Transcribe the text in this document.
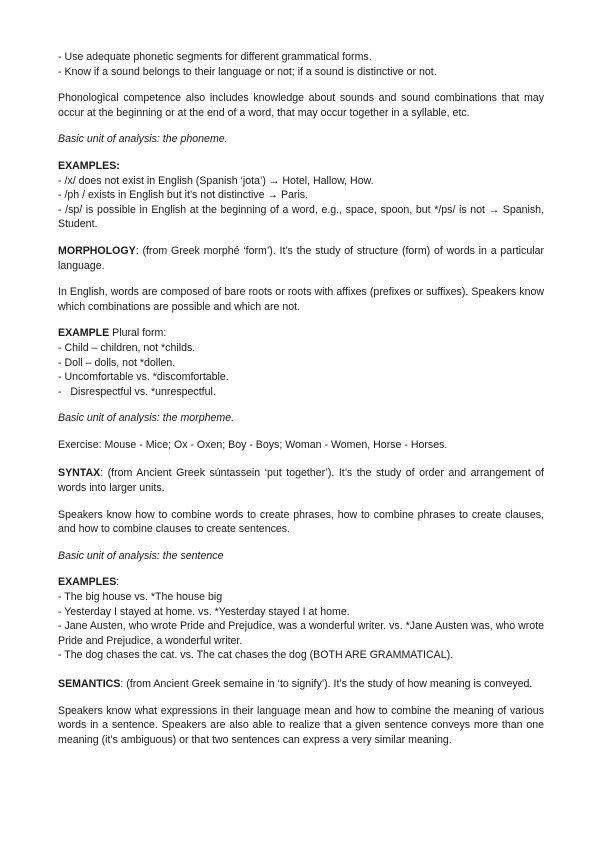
- Use adequate phonetic segments for different grammatical forms.
- Know if a sound belongs to their language or not; if a sound is distinctive or not.
Phonological competence also includes knowledge about sounds and sound combinations that may occur at the beginning or at the end of a word, that may occur together in a syllable, etc.
Basic unit of analysis: the phoneme.
EXAMPLES:
- /x/ does not exist in English (Spanish ‘jota’) → Hotel, Hallow, How.
- /ph / exists in English but it’s not distinctive → Paris.
- /sp/ is possible in English at the beginning of a word, e.g., space, spoon, but */ps/ is not → Spanish, Student.
MORPHOLOGY: (from Greek morphé ‘form’). It’s the study of structure (form) of words in a particular language.
In English, words are composed of bare roots or roots with affixes (prefixes or suffixes). Speakers know which combinations are possible and which are not.
EXAMPLE Plural form:
- Child – children, not *childs.
- Doll – dolls, not *dollen.
- Uncomfortable vs. *discomfortable.
-   Disrespectful vs. *unrespectful.
Basic unit of analysis: the morpheme.
Exercise: Mouse - Mice; Ox - Oxen; Boy - Boys; Woman - Women, Horse - Horses.
SYNTAX: (from Ancient Greek súntassein ‘put together’). It’s the study of order and arrangement of words into larger units.
Speakers know how to combine words to create phrases, how to combine phrases to create clauses, and how to combine clauses to create sentences.
Basic unit of analysis: the sentence
EXAMPLES:
- The big house vs. *The house big
- Yesterday I stayed at home. vs. *Yesterday stayed I at home.
- Jane Austen, who wrote Pride and Prejudice, was a wonderful writer. vs. *Jane Austen was, who wrote Pride and Prejudice, a wonderful writer.
- The dog chases the cat. vs. The cat chases the dog (BOTH ARE GRAMMATICAL).
SEMANTICS: (from Ancient Greek semaine in ‘to signify’). It’s the study of how meaning is conveyed.
Speakers know what expressions in their language mean and how to combine the meaning of various words in a sentence. Speakers are also able to realize that a given sentence conveys more than one meaning (it’s ambiguous) or that two sentences can express a very similar meaning.
